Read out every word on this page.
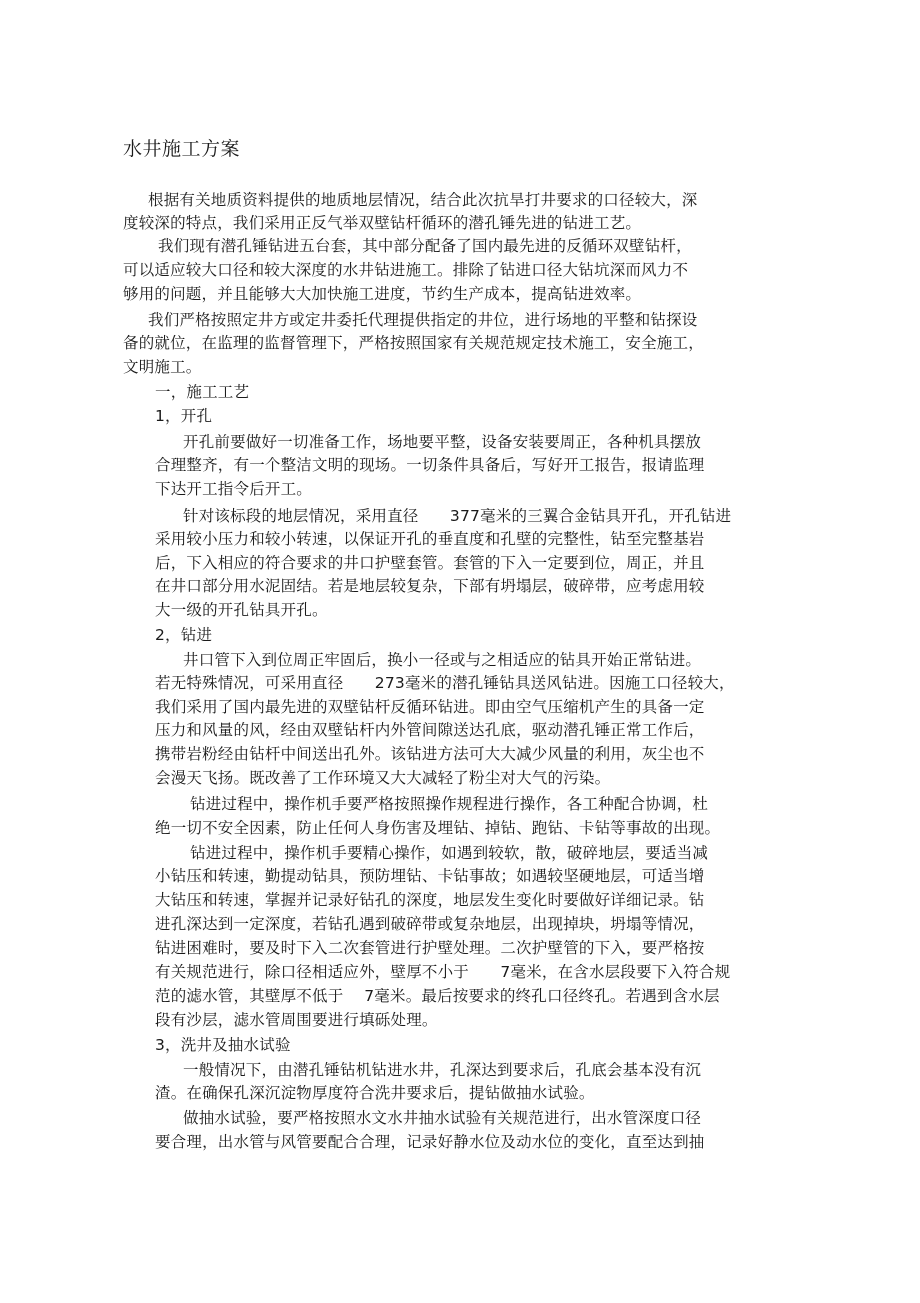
水井施工方案
根据有关地质资料提供的地质地层情况，结合此次抗旱打井要求的口径较大，深
度较深的特点，我们采用正反气举双壁钻杆循环的潜孔锤先进的钻进工艺。
我们现有潜孔锤钻进五台套，其中部分配备了国内最先进的反循环双壁钻杆，
可以适应较大口径和较大深度的水井钻进施工。排除了钻进口径大钻坑深而风力不
够用的问题，并且能够大大加快施工进度，节约生产成本，提高钻进效率。
我们严格按照定井方或定井委托代理提供指定的井位，进行场地的平整和钻探设
备的就位，在监理的监督管理下，严格按照国家有关规范规定技术施工，安全施工，
文明施工。
一，施工工艺
1，开孔
开孔前要做好一切准备工作，场地要平整，设备安装要周正，各种机具摆放
合理整齐，有一个整洁文明的现场。一切条件具备后，写好开工报告，报请监理
下达开工指令后开工。
针对该标段的地层情况，采用直径　　377毫米的三翼合金钻具开孔，开孔钻进
采用较小压力和较小转速，以保证开孔的垂直度和孔壁的完整性，钻至完整基岩
后，下入相应的符合要求的井口护壁套管。套管的下入一定要到位，周正，并且
在井口部分用水泥固结。若是地层较复杂，下部有坍塌层，破碎带，应考虑用较
大一级的开孔钻具开孔。
2，钻进
井口管下入到位周正牢固后，换小一径或与之相适应的钻具开始正常钻进。
若无特殊情况，可采用直径　　273毫米的潜孔锤钻具送风钻进。因施工口径较大，
我们采用了国内最先进的双壁钻杆反循环钻进。即由空气压缩机产生的具备一定
压力和风量的风，经由双壁钻杆内外管间隙送达孔底，驱动潜孔锤正常工作后，
携带岩粉经由钻杆中间送出孔外。该钻进方法可大大减少风量的利用，灰尘也不
会漫天飞扬。既改善了工作环境又大大减轻了粉尘对大气的污染。
钻进过程中，操作机手要严格按照操作规程进行操作，各工种配合协调，杜
绝一切不安全因素，防止任何人身伤害及埋钻、掉钻、跑钻、卡钻等事故的出现。
钻进过程中，操作机手要精心操作，如遇到较软，散，破碎地层，要适当减
小钻压和转速，勤提动钻具，预防埋钻、卡钻事故；如遇较坚硬地层，可适当增
大钻压和转速，掌握并记录好钻孔的深度，地层发生变化时要做好详细记录。钻
进孔深达到一定深度，若钻孔遇到破碎带或复杂地层，出现掉块，坍塌等情况，
钻进困难时，要及时下入二次套管进行护壁处理。二次护壁管的下入，要严格按
有关规范进行，除口径相适应外，壁厚不小于　　7毫米，在含水层段要下入符合规
范的滤水管，其壁厚不低于　 7毫米。最后按要求的终孔口径终孔。若遇到含水层
段有沙层，滤水管周围要进行填砾处理。
3，洗井及抽水试验
一般情况下，由潜孔锤钻机钻进水井，孔深达到要求后，孔底会基本没有沉
渣。在确保孔深沉淀物厚度符合洗井要求后，提钻做抽水试验。
做抽水试验，要严格按照水文水井抽水试验有关规范进行，出水管深度口径
要合理，出水管与风管要配合合理，记录好静水位及动水位的变化，直至达到抽
